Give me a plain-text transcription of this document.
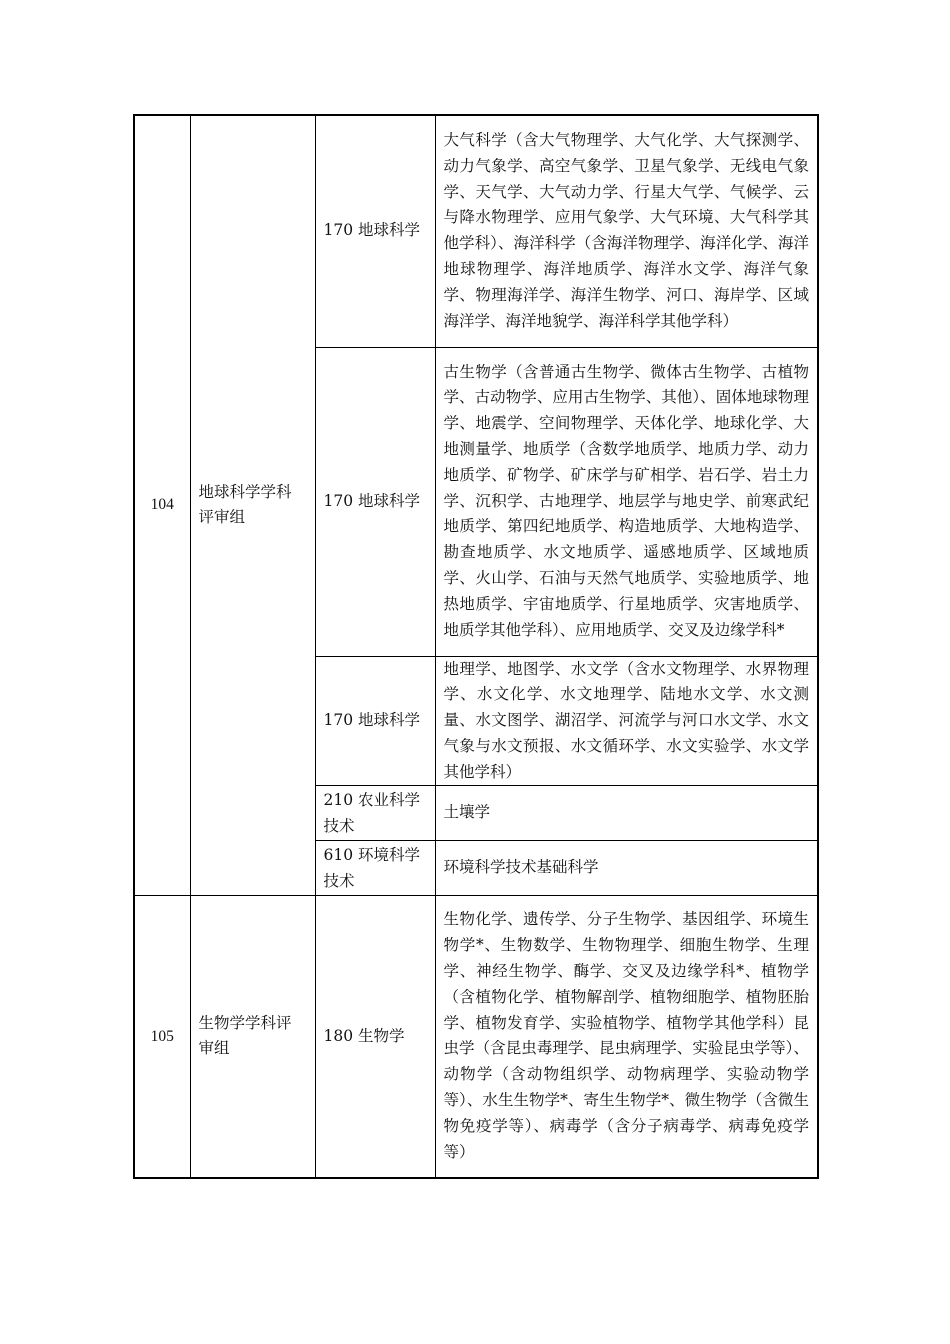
104	地球科学学科评审组	170 地球科学	大气科学（含大气物理学、大气化学、大气探测学、动力气象学、高空气象学、卫星气象学、无线电气象学、天气学、大气动力学、行星大气学、气候学、云与降水物理学、应用气象学、大气环境、大气科学其他学科）、海洋科学（含海洋物理学、海洋化学、海洋地球物理学、海洋地质学、海洋水文学、海洋气象学、物理海洋学、海洋生物学、河口、海岸学、区域海洋学、海洋地貌学、海洋科学其他学科）
		170 地球科学	古生物学（含普通古生物学、微体古生物学、古植物学、古动物学、应用古生物学、其他）、固体地球物理学、地震学、空间物理学、天体化学、地球化学、大地测量学、地质学（含数学地质学、地质力学、动力地质学、矿物学、矿床学与矿相学、岩石学、岩土力学、沉积学、古地理学、地层学与地史学、前寒武纪地质学、第四纪地质学、构造地质学、大地构造学、勘查地质学、水文地质学、遥感地质学、区域地质学、火山学、石油与天然气地质学、实验地质学、地热地质学、宇宙地质学、行星地质学、灾害地质学、地质学其他学科）、应用地质学、交叉及边缘学科*
		170 地球科学	地理学、地图学、水文学（含水文物理学、水界物理学、水文化学、水文地理学、陆地水文学、水文测量、水文图学、湖沼学、河流学与河口水文学、水文气象与水文预报、水文循环学、水文实验学、水文学其他学科）
		210 农业科学技术	土壤学
		610 环境科学技术	环境科学技术基础科学
105	生物学学科评审组	180 生物学	生物化学、遗传学、分子生物学、基因组学、环境生物学*、生物数学、生物物理学、细胞生物学、生理学、神经生物学、酶学、交叉及边缘学科*、植物学（含植物化学、植物解剖学、植物细胞学、植物胚胎学、植物发育学、实验植物学、植物学其他学科）昆虫学（含昆虫毒理学、昆虫病理学、实验昆虫学等）、动物学（含动物组织学、动物病理学、实验动物学等）、水生生物学*、寄生生物学*、微生物学（含微生物免疫学等）、病毒学（含分子病毒学、病毒免疫学等）
